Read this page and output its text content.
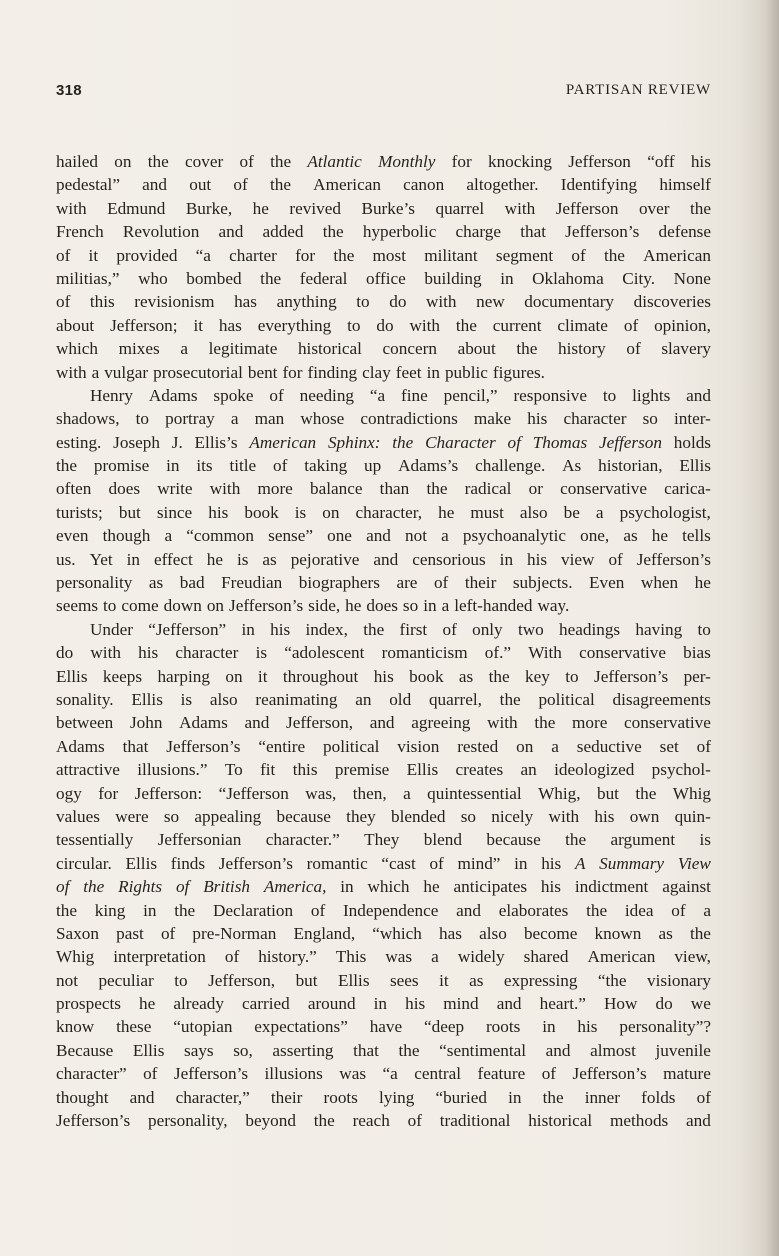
318	PARTISAN REVIEW
hailed on the cover of the Atlantic Monthly for knocking Jefferson “off his
pedestal” and out of the American canon altogether. Identifying himself
with Edmund Burke, he revived Burke’s quarrel with Jefferson over the
French Revolution and added the hyperbolic charge that Jefferson’s defense
of it provided “a charter for the most militant segment of the American
militias,” who bombed the federal office building in Oklahoma City. None
of this revisionism has anything to do with new documentary discoveries
about Jefferson; it has everything to do with the current climate of opinion,
which mixes a legitimate historical concern about the history of slavery
with a vulgar prosecutorial bent for finding clay feet in public figures.
Henry Adams spoke of needing “a fine pencil,” responsive to lights and
shadows, to portray a man whose contradictions make his character so inter-
esting. Joseph J. Ellis’s American Sphinx: the Character of Thomas Jefferson holds
the promise in its title of taking up Adams’s challenge. As historian, Ellis
often does write with more balance than the radical or conservative carica-
turists; but since his book is on character, he must also be a psychologist,
even though a “common sense” one and not a psychoanalytic one, as he tells
us. Yet in effect he is as pejorative and censorious in his view of Jefferson’s
personality as bad Freudian biographers are of their subjects. Even when he
seems to come down on Jefferson’s side, he does so in a left-handed way.
Under “Jefferson” in his index, the first of only two headings having to
do with his character is “adolescent romanticism of.” With conservative bias
Ellis keeps harping on it throughout his book as the key to Jefferson’s per-
sonality. Ellis is also reanimating an old quarrel, the political disagreements
between John Adams and Jefferson, and agreeing with the more conservative
Adams that Jefferson’s “entire political vision rested on a seductive set of
attractive illusions.” To fit this premise Ellis creates an ideologized psychol-
ogy for Jefferson: “Jefferson was, then, a quintessential Whig, but the Whig
values were so appealing because they blended so nicely with his own quin-
tessentially Jeffersonian character.” They blend because the argument is
circular. Ellis finds Jefferson’s romantic “cast of mind” in his A Summary View
of the Rights of British America, in which he anticipates his indictment against
the king in the Declaration of Independence and elaborates the idea of a
Saxon past of pre-Norman England, “which has also become known as the
Whig interpretation of history.” This was a widely shared American view,
not peculiar to Jefferson, but Ellis sees it as expressing “the visionary
prospects he already carried around in his mind and heart.” How do we
know these “utopian expectations” have “deep roots in his personality”?
Because Ellis says so, asserting that the “sentimental and almost juvenile
character” of Jefferson’s illusions was “a central feature of Jefferson’s mature
thought and character,” their roots lying “buried in the inner folds of
Jefferson’s personality, beyond the reach of traditional historical methods and
